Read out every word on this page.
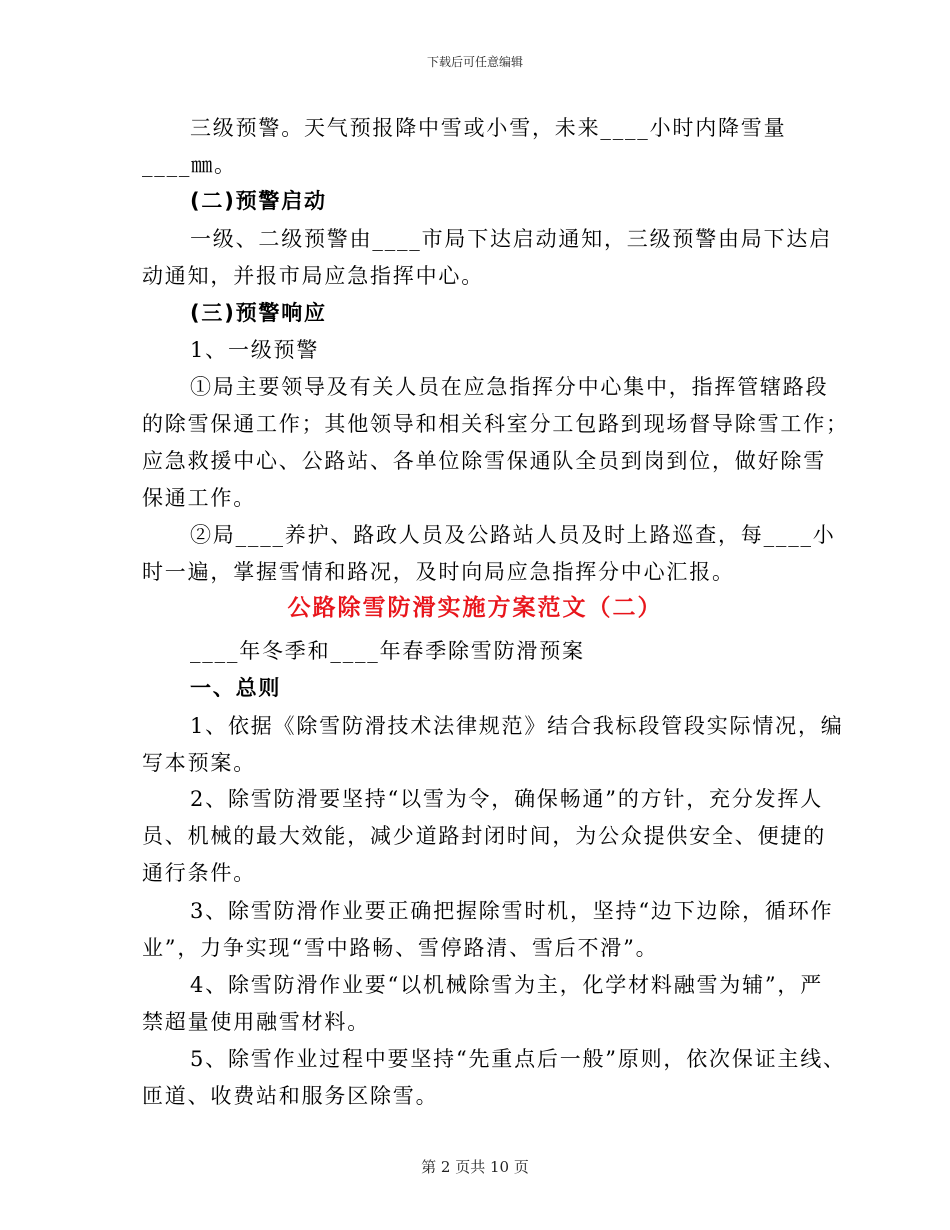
下载后可任意编辑
三级预警。天气预报降中雪或小雪，未来____小时内降雪量
____㎜。
(二)预警启动
一级、二级预警由____市局下达启动通知，三级预警由局下达启
动通知，并报市局应急指挥中心。
(三)预警响应
1、一级预警
①局主要领导及有关人员在应急指挥分中心集中，指挥管辖路段
的除雪保通工作；其他领导和相关科室分工包路到现场督导除雪工作；
应急救援中心、公路站、各单位除雪保通队全员到岗到位，做好除雪
保通工作。
②局____养护、路政人员及公路站人员及时上路巡查，每____小
时一遍，掌握雪情和路况，及时向局应急指挥分中心汇报。
公路除雪防滑实施方案范文（二）
____年冬季和____年春季除雪防滑预案
一、总则
1、依据《除雪防滑技术法律规范》结合我标段管段实际情况，编
写本预案。
2、除雪防滑要坚持“以雪为令，确保畅通”的方针，充分发挥人
员、机械的最大效能，减少道路封闭时间，为公众提供安全、便捷的
通行条件。
3、除雪防滑作业要正确把握除雪时机，坚持“边下边除，循环作
业”，力争实现“雪中路畅、雪停路清、雪后不滑”。
4、除雪防滑作业要“以机械除雪为主，化学材料融雪为辅”，严
禁超量使用融雪材料。
5、除雪作业过程中要坚持“先重点后一般”原则，依次保证主线、
匝道、收费站和服务区除雪。
第 2 页共 10 页
